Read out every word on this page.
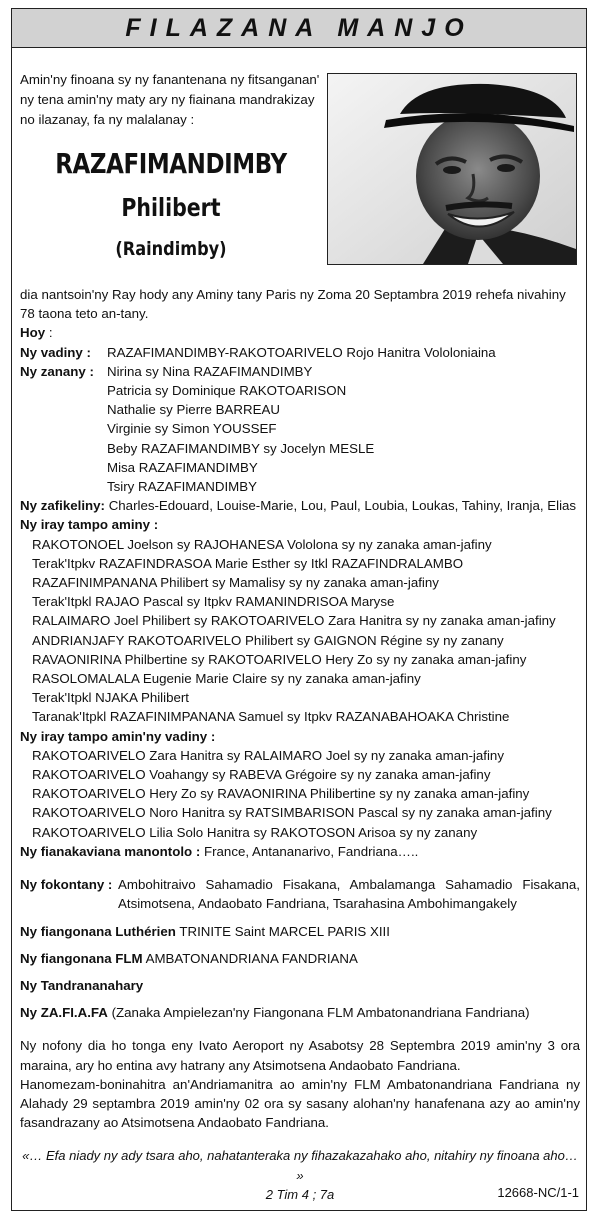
FILAZANA MANJO

Amin'ny finoana sy ny fanantenana ny fitsanganan' ny tena amin'ny maty ary ny fiainana mandrakizay no ilazanay, fa ny malalanay :

RAZAFIMANDIMBY
Philibert
(Raindimby)

dia nantsoin'ny Ray hody any Aminy tany Paris ny Zoma 20 Septambra 2019 rehefa nivahiny 78 taona teto an-tany.

Hoy :

Ny vadiny :	RAZAFIMANDIMBY-RAKOTOARIVELO Rojo Hanitra Vololoniaina
Ny zanany : Nirina sy Nina RAZAFIMANDIMBY

Patricia sy Dominique RAKOTOARISON

Nathalie sy Pierre BARREAU

Virginie sy Simon YOUSSEF

Beby RAZAFIMANDIMBY sy Jocelyn MESLE

Misa RAZAFIMANDIMBY

Tsiry RAZAFIMANDIMBY

Ny zafikeliny: Charles-Edouard, Louise-Marie, Lou, Paul, Loubia, Loukas, Tahiny, Iranja, Elias

Ny iray tampo aminy :

RAKOTONOEL Joelson sy RAJOHANESA Vololona sy ny zanaka aman-jafiny

Terak'Itpkv RAZAFINDRASOA Marie Esther sy Itkl RAZAFINDRALAMBO

RAZAFINIMPANANA Philibert sy Mamalisy sy ny zanaka aman-jafiny

Terak'Itpkl RAJAO Pascal sy Itpkv RAMANINDRISOA Maryse

RALAIMARO Joel Philibert sy RAKOTOARIVELO Zara Hanitra sy ny zanaka aman-jafiny

ANDRIANJAFY RAKOTOARIVELO Philibert sy GAIGNON Régine sy ny zanany

RAVAONIRINA Philbertine sy RAKOTOARIVELO Hery Zo sy ny zanaka aman-jafiny

RASOLOMALALA Eugenie Marie Claire sy ny zanaka aman-jafiny

Terak'Itpkl NJAKA Philibert

Taranak'Itpkl RAZAFINIMPANANA Samuel sy Itpkv RAZANABAHOAKA Christine

Ny iray tampo amin'ny vadiny :

RAKOTOARIVELO Zara Hanitra sy RALAIMARO Joel sy ny zanaka aman-jafiny

RAKOTOARIVELO Voahangy sy RABEVA Grégoire sy ny zanaka aman-jafiny

RAKOTOARIVELO Hery Zo sy RAVAONIRINA Philibertine sy ny zanaka aman-jafiny

RAKOTOARIVELO Noro Hanitra sy RATSIMBARISON Pascal sy ny zanaka aman-jafiny

RAKOTOARIVELO Lilia Solo Hanitra sy RAKOTOSON Arisoa sy ny zanany

Ny fianakaviana manontolo : France, Antananarivo, Fandriana…..

Ny fokontany : Ambohitraivo Sahamadio Fisakana, Ambalamanga Sahamadio Fisakana, Atsimotsena, Andaobato Fandriana, Tsarahasina Ambohimangakely

Ny fiangonana Luthérien TRINITE Saint MARCEL PARIS XIII

Ny fiangonana FLM AMBATONANDRIANA FANDRIANA

Ny Tandrananahary

Ny ZA.FI.A.FA (Zanaka Ampielezan'ny Fiangonana FLM Ambatonandriana Fandriana)

Ny nofony dia ho tonga eny Ivato Aeroport ny Asabotsy 28 Septembra 2019 amin'ny 3 ora maraina, ary ho entina avy hatrany any Atsimotsena Andaobato Fandriana.

Hanomezam-boninahitra an'Andriamanitra ao amin'ny FLM Ambatonandriana Fandriana ny Alahady 29 septambra 2019 amin'ny 02 ora sy sasany alohan'ny hanafenana azy ao amin'ny fasandrazany ao Atsimotsena Andaobato Fandriana.

«… Efa niady ny ady tsara aho, nahatanteraka ny fihazakazahako aho, nitahiry ny finoana aho… »

2 Tim 4 ; 7a	12668-NC/1-1
